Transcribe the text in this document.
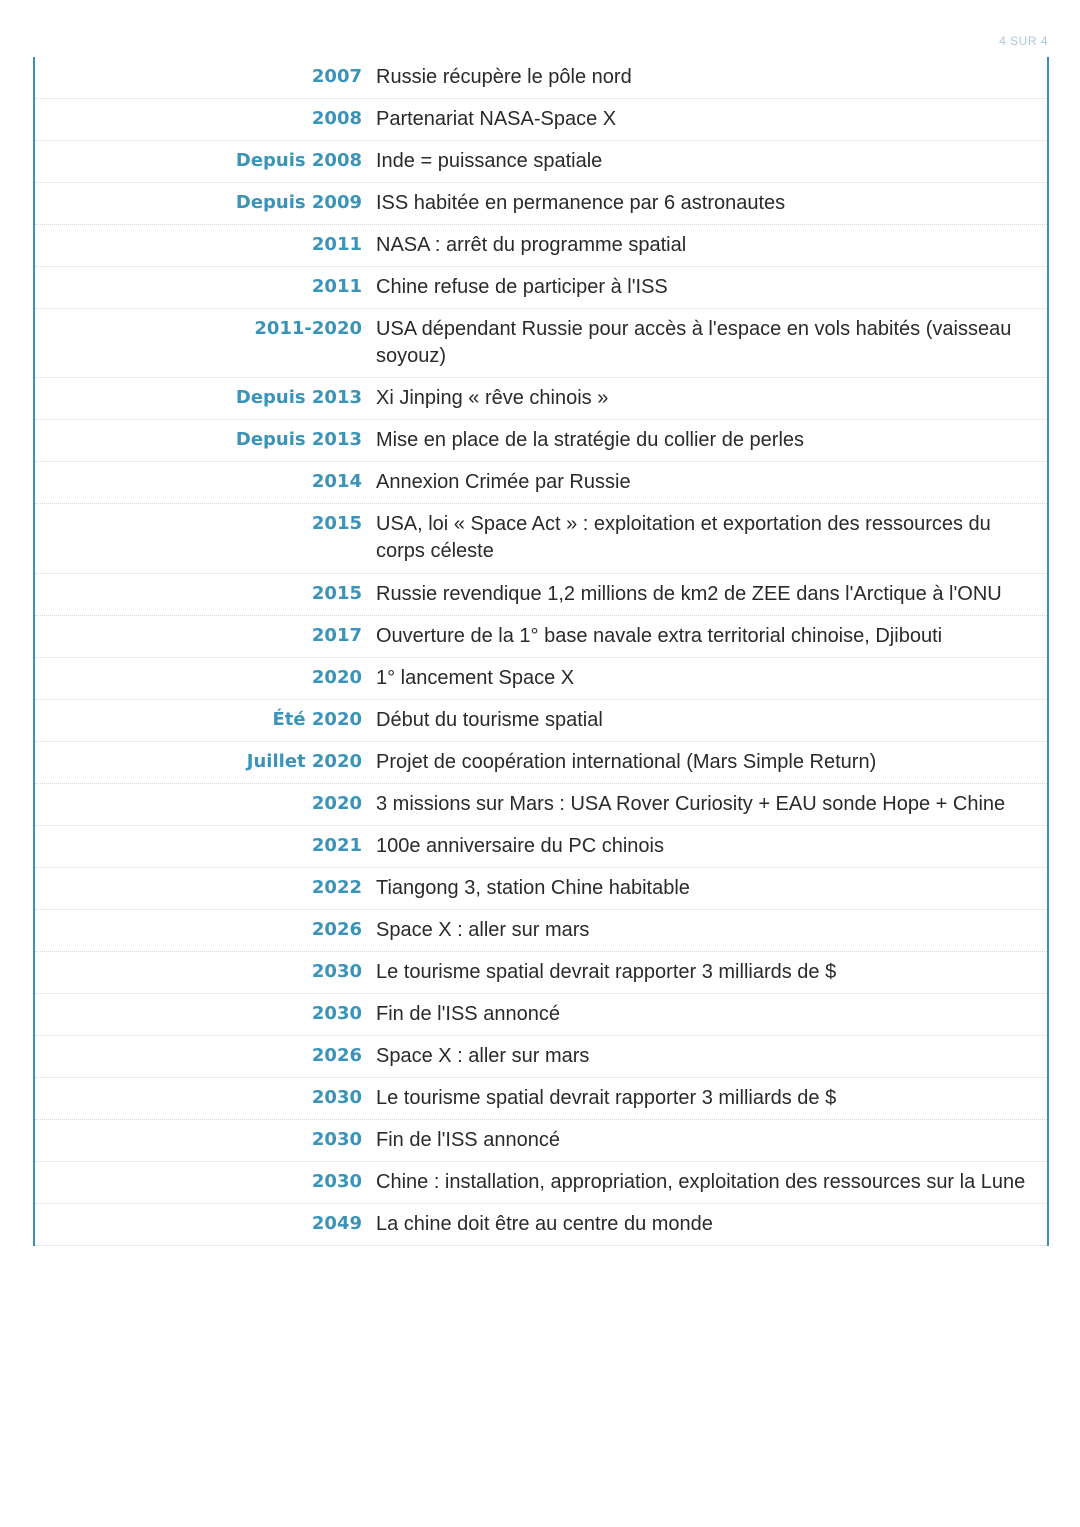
4 SUR 4
2007 Russie récupère le pôle nord
2008 Partenariat NASA-Space X
Depuis 2008 Inde = puissance spatiale
Depuis 2009 ISS habitée en permanence par 6 astronautes
2011 NASA : arrêt du programme spatial
2011 Chine refuse de participer à l'ISS
2011-2020 USA dépendant Russie pour accès à l'espace en vols habités (vaisseau soyouz)
Depuis 2013 Xi Jinping « rêve chinois »
Depuis 2013 Mise en place de la stratégie du collier de perles
2014 Annexion Crimée par Russie
2015 USA, loi « Space Act » : exploitation et exportation des ressources du corps céleste
2015 Russie revendique 1,2 millions de km2 de ZEE dans l'Arctique à l'ONU
2017 Ouverture de la 1° base navale extra territorial chinoise, Djibouti
2020 1° lancement Space X
Été 2020 Début du tourisme spatial
Juillet 2020 Projet de coopération international (Mars Simple Return)
2020 3 missions sur Mars : USA Rover Curiosity + EAU sonde Hope + Chine
2021 100e anniversaire du PC chinois
2022 Tiangong 3, station Chine habitable
2026 Space X : aller sur mars
2030 Le tourisme spatial devrait rapporter 3 milliards de $
2030 Fin de l'ISS annoncé
2026 Space X : aller sur mars
2030 Le tourisme spatial devrait rapporter 3 milliards de $
2030 Fin de l'ISS annoncé
2030 Chine : installation, appropriation, exploitation des ressources sur la Lune
2049 La chine doit être au centre du monde
